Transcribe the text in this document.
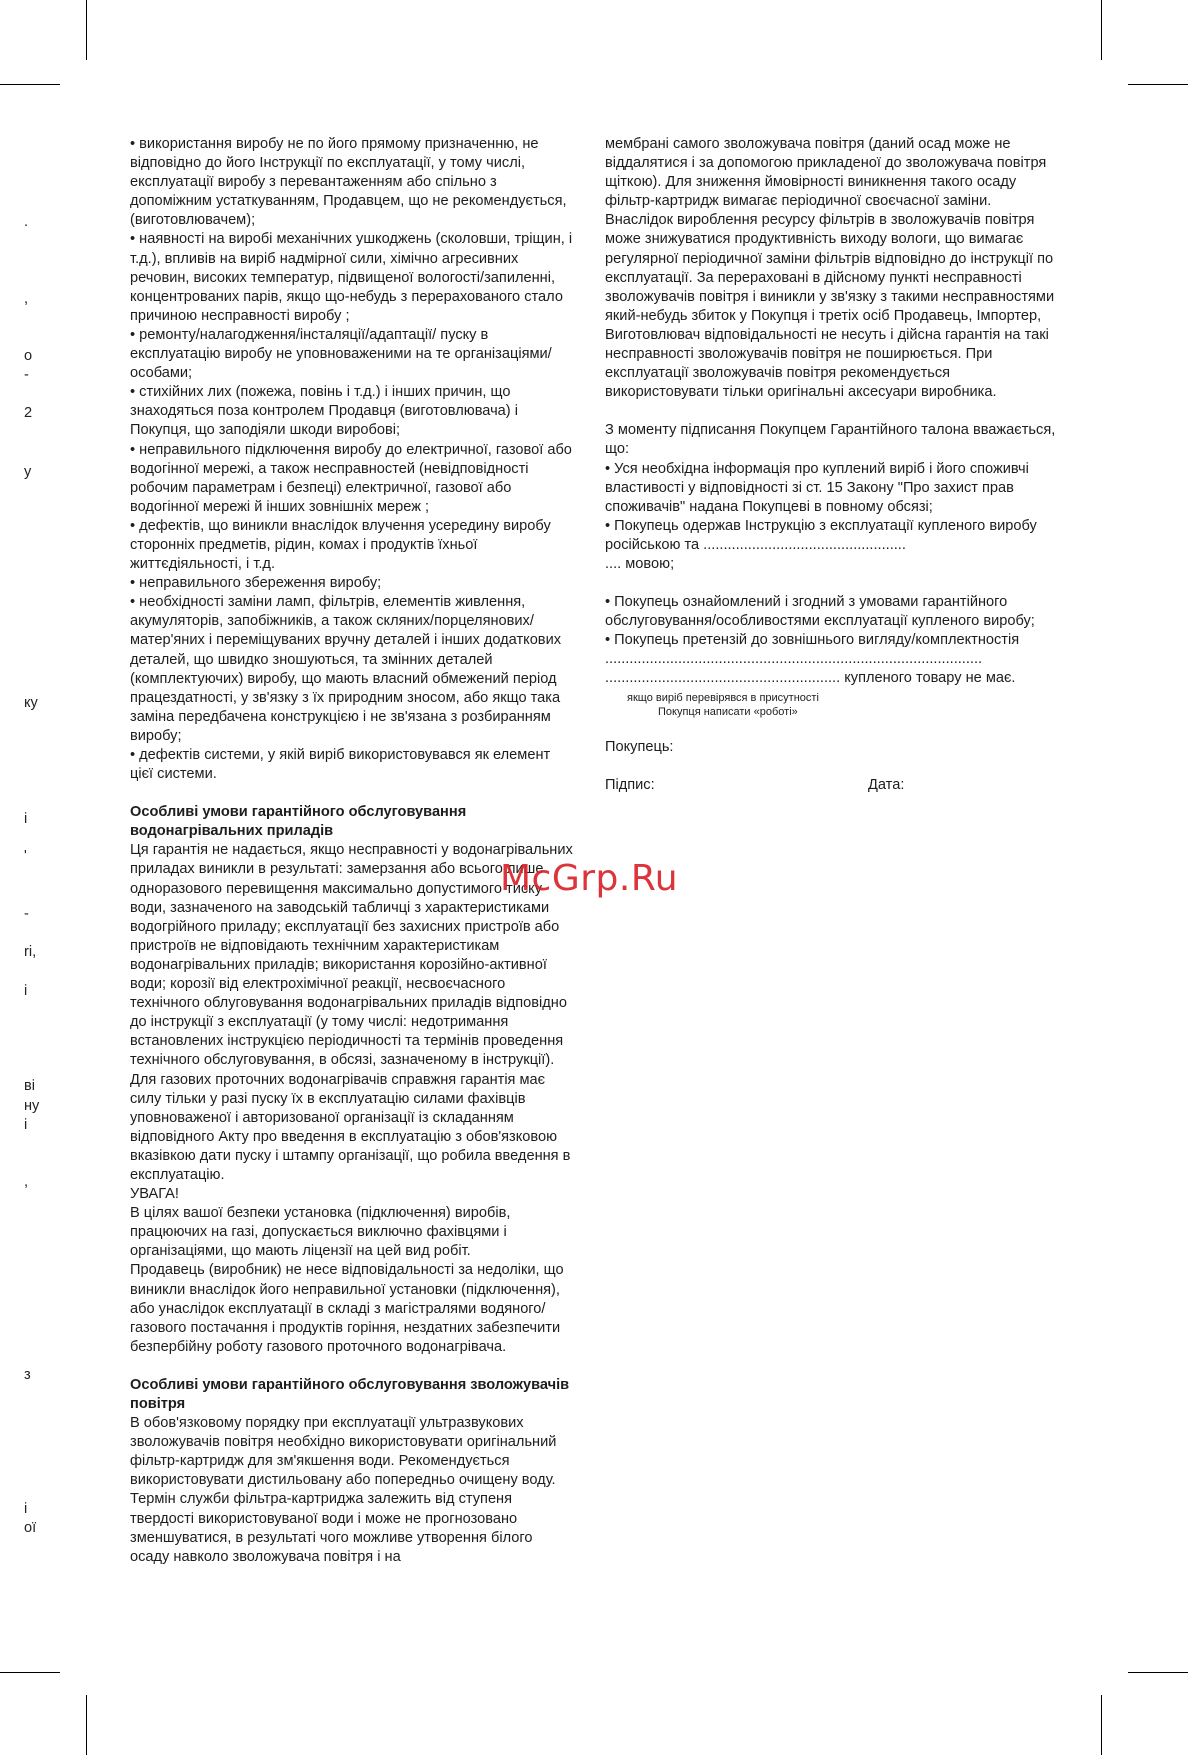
.
,
о
-
2
у
ку
і
'
-
ri,
і
ві
ну
і
,
з
і
ої

• використання виробу не по його прямому призначенню, не відповідно до його Інструкції по експлуатації, у тому числі, експлуатації виробу з перевантаженням або спільно з допоміжним устаткуванням, Продавцем, що не рекомендується, (виготовлювачем);

• наявності на виробі механічних ушкоджень (сколовши, тріщин, і т.д.), впливів на виріб надмірної сили, хімічно агресивних речовин, високих температур, підвищеної вологості/запиленні, концентрованих парів, якщо що-небудь з перерахованого стало причиною несправності виробу ;

• ремонту/налагодження/інсталяції/адаптації/ пуску в експлуатацію виробу не уповноваженими на те організаціями/особами;

• стихійних лих (пожежа, повінь і т.д.) і інших причин, що знаходяться поза контролем Продавця (виготовлювача) і Покупця, що заподіяли шкоди виробові;

• неправильного підключення виробу до електричної, газової або водогінної мережі, а також несправностей (невідповідності робочим параметрам і безпеці) електричної, газової або водогінної мережі й інших зовнішніх мереж ;

• дефектів, що виникли внаслідок влучення усередину виробу сторонніх предметів, рідин, комах і продуктів їхньої життєдіяльності, і т.д.

• неправильного збереження виробу;

• необхідності заміни ламп, фільтрів, елементів живлення, акумуляторів, запобіжників, а також скляних/порцелянових/матер'яних і переміщуваних вручну деталей і інших додаткових деталей, що швидко зношуються, та змінних деталей (комплектуючих) виробу, що мають власний обмежений період працездатності, у зв'язку з їх природним зносом, або якщо така заміна передбачена конструкцією і не зв'язана з розбиранням виробу;

• дефектів системи, у якій виріб використовувався як елемент цієї системи.

Особливі умови гарантійного обслуговування водонагрівальних приладів

Ця гарантія не надається, якщо несправності у водонагрівальних приладах виникли в результаті: замерзання або всього лише одноразового перевищення максимально допустимого тиску води, зазначеного на заводській табличці з характеристиками водогрійного приладу; експлуатації без захисних пристроїв або пристроїв не відповідають технічним характеристикам водонагрівальних приладів; використання корозійно-активної води; корозії від електрохімічної реакції, несвоєчасного технічного облуговування водонагрівальних приладів відповідно до інструкції з експлуатації (у тому числі: недотримання встановлених інструкцією періодичності та термінів проведення технічного обслуговування, в обсязі, зазначеному в інструкції).

Для газових проточних водонагрівачів справжня гарантія має силу тільки у разі пуску їх в експлуатацію силами фахівців уповноваженої і авторизованої організації із складанням відповідного Акту про введення в експлуатацію з обов'язковою вказівкою дати пуску і штампу організації, що робила введення в експлуатацію.

УВАГА!

В цілях вашої безпеки установка (підключення) виробів, працюючих на газі, допускається виключно фахівцями і організаціями, що мають ліцензії на цей вид робіт.

Продавець (виробник) не несе відповідальності за недоліки, що виникли внаслідок його неправильної установки (підключення), або унаслідок експлуатації в складі з магістралями водяного/газового постачання і продуктів горіння, нездатних забезпечити безпербійну роботу газового проточного водонагрівача.

Особливі умови гарантійного обслуговування зволожувачів повітря

В обов'язковому порядку при експлуатації ультразвукових зволожувачів повітря необхідно використовувати оригінальний фільтр-картридж для зм'якшення води. Рекомендується використовувати дистильовану або попередньо очищену воду. Термін служби фільтра-картриджа залежить від ступеня твердості використовуваної води і може не прогнозовано зменшуватися, в результаті чого можливе утворення білого осаду навколо зволожувача повітря і на

мембрані самого зволожувача повітря (даний осад може не віддалятися і за допомогою прикладеної до зволожувача повітря щіткою). Для зниження ймовірності виникнення такого осаду фільтр-картридж вимагає періодичної своєчасної заміни. Внаслідок вироблення ресурсу фільтрів в зволожувачів повітря може знижуватися продуктивність виходу вологи, що вимагає регулярної періодичної заміни фільтрів відповідно до інструкції по експлуатації. За перераховані в дійсному пункті несправності зволожувачів повітря і виникли у зв'язку з такими несправностями який-небудь збиток у Покупця і третіх осіб Продавець, Імпортер, Виготовлювач відповідальності не несуть і дійсна гарантія на такі несправності зволожувачів повітря не поширюється. При експлуатації зволожувачів повітря рекомендується використовувати тільки оригінальні аксесуари виробника.

З моменту підписання Покупцем Гарантійного талона вважається, що:

• Уся необхідна інформація про куплений виріб і його споживчі властивості у відповідності зі ст. 15 Закону "Про захист прав споживачів" надана Покупцеві в повному обсязі;

• Покупець одержав Інструкцію з експлуатації купленого виробу російською та ..................................................

.... мовою;

• Покупець ознайомлений і згодний з умовами гарантійного обслуговування/особливостями експлуатації купленого виробу;

• Покупець претензій до зовнішнього вигляду/комплектностія

.............................................................................................

.......................................................... купленого товару не має.

якщо виріб перевірявся в присутності
Покупця написати «роботі»

Покупець:

Підпис:	Дата:
McGrp.Ru
